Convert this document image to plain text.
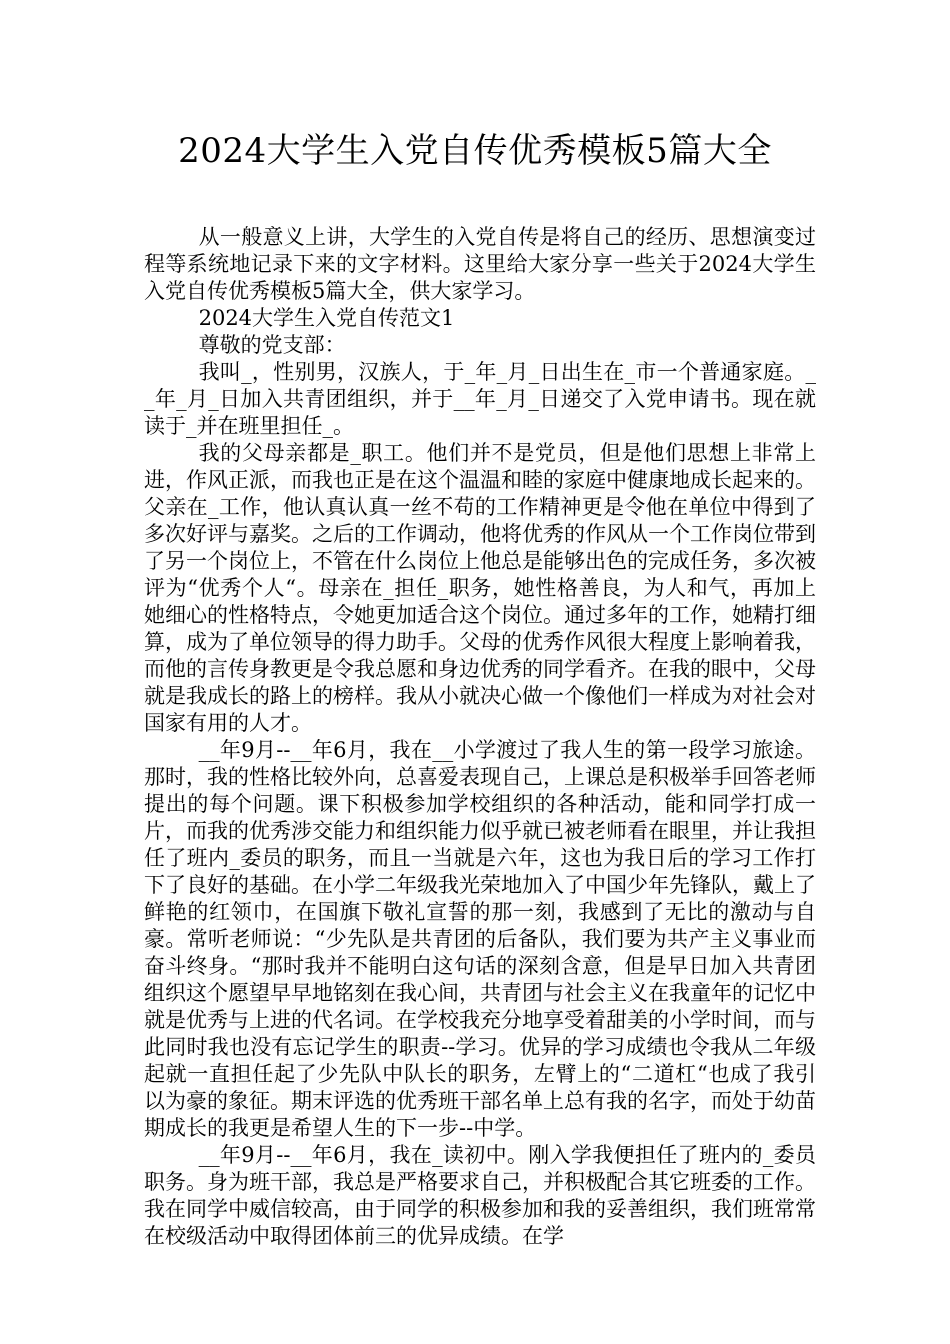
2024大学生入党自传优秀模板5篇大全

从一般意义上讲，大学生的入党自传是将自己的经历、思想演变过程等系统地记录下来的文字材料。这里给大家分享一些关于2024大学生入党自传优秀模板5篇大全，供大家学习。

2024大学生入党自传范文1

尊敬的党支部：

我叫_，性别男，汉族人，于_年_月_日出生在_市一个普通家庭。__年_月_日加入共青团组织，并于__年_月_日递交了入党申请书。现在就读于_并在班里担任_。

我的父母亲都是_职工。他们并不是党员，但是他们思想上非常上进，作风正派，而我也正是在这个温温和睦的家庭中健康地成长起来的。父亲在_工作，他认真认真一丝不苟的工作精神更是令他在单位中得到了多次好评与嘉奖。之后的工作调动，他将优秀的作风从一个工作岗位带到了另一个岗位上，不管在什么岗位上他总是能够出色的完成任务，多次被评为“优秀个人“。母亲在_担任_职务，她性格善良，为人和气，再加上她细心的性格特点，令她更加适合这个岗位。通过多年的工作，她精打细算，成为了单位领导的得力助手。父母的优秀作风很大程度上影响着我，而他的言传身教更是令我总愿和身边优秀的同学看齐。在我的眼中，父母就是我成长的路上的榜样。我从小就决心做一个像他们一样成为对社会对国家有用的人才。

__年9月--__年6月，我在__小学渡过了我人生的第一段学习旅途。那时，我的性格比较外向，总喜爱表现自己，上课总是积极举手回答老师提出的每个问题。课下积极参加学校组织的各种活动，能和同学打成一片，而我的优秀涉交能力和组织能力似乎就已被老师看在眼里，并让我担任了班内_委员的职务，而且一当就是六年，这也为我日后的学习工作打下了良好的基础。在小学二年级我光荣地加入了中国少年先锋队，戴上了鲜艳的红领巾，在国旗下敬礼宣誓的那一刻，我感到了无比的激动与自豪。常听老师说：“少先队是共青团的后备队，我们要为共产主义事业而奋斗终身。“那时我并不能明白这句话的深刻含意，但是早日加入共青团组织这个愿望早早地铭刻在我心间，共青团与社会主义在我童年的记忆中就是优秀与上进的代名词。在学校我充分地享受着甜美的小学时间，而与此同时我也没有忘记学生的职责--学习。优异的学习成绩也令我从二年级起就一直担任起了少先队中队长的职务，左臂上的“二道杠“也成了我引以为豪的象征。期末评选的优秀班干部名单上总有我的名字，而处于幼苗期成长的我更是希望人生的下一步--中学。

__年9月--__年6月，我在_读初中。刚入学我便担任了班内的_委员职务。身为班干部，我总是严格要求自己，并积极配合其它班委的工作。我在同学中威信较高，由于同学的积极参加和我的妥善组织，我们班常常在校级活动中取得团体前三的优异成绩。在学
